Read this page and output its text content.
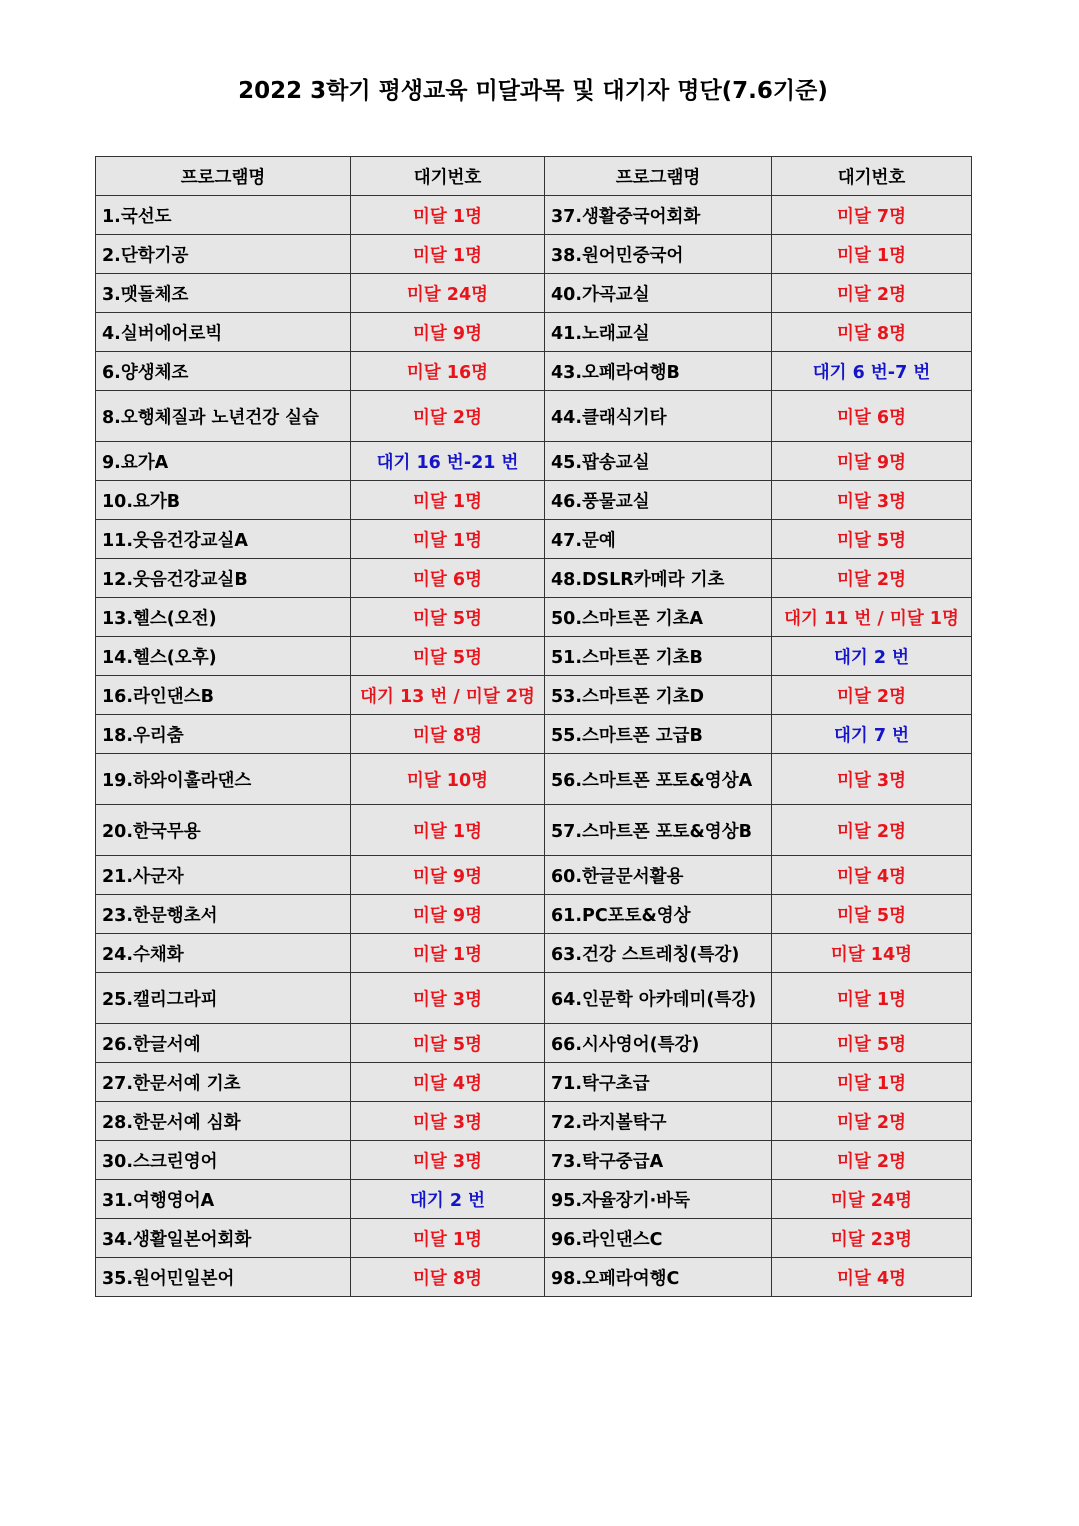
2022 3학기 평생교육 미달과목 및 대기자 명단(7.6기준)
프로그램명	대기번호	프로그램명	대기번호
1.국선도	미달 1명	37.생활중국어회화	미달 7명
2.단학기공	미달 1명	38.원어민중국어	미달 1명
3.맷돌체조	미달 24명	40.가곡교실	미달 2명
4.실버에어로빅	미달 9명	41.노래교실	미달 8명
6.양생체조	미달 16명	43.오페라여행B	대기 6 번-7 번
8.오행체질과 노년건강 실습	미달 2명	44.클래식기타	미달 6명
9.요가A	대기 16 번-21 번	45.팝송교실	미달 9명
10.요가B	미달 1명	46.풍물교실	미달 3명
11.웃음건강교실A	미달 1명	47.문예	미달 5명
12.웃음건강교실B	미달 6명	48.DSLR카메라 기초	미달 2명
13.헬스(오전)	미달 5명	50.스마트폰 기초A	대기 11 번 / 미달 1명
14.헬스(오후)	미달 5명	51.스마트폰 기초B	대기 2 번
16.라인댄스B	대기 13 번 / 미달 2명	53.스마트폰 기초D	미달 2명
18.우리춤	미달 8명	55.스마트폰 고급B	대기 7 번
19.하와이훌라댄스	미달 10명	56.스마트폰 포토&영상A	미달 3명
20.한국무용	미달 1명	57.스마트폰 포토&영상B	미달 2명
21.사군자	미달 9명	60.한글문서활용	미달 4명
23.한문행초서	미달 9명	61.PC포토&영상	미달 5명
24.수채화	미달 1명	63.건강 스트레칭(특강)	미달 14명
25.캘리그라피	미달 3명	64.인문학 아카데미(특강)	미달 1명
26.한글서예	미달 5명	66.시사영어(특강)	미달 5명
27.한문서예 기초	미달 4명	71.탁구초급	미달 1명
28.한문서예 심화	미달 3명	72.라지볼탁구	미달 2명
30.스크린영어	미달 3명	73.탁구중급A	미달 2명
31.여행영어A	대기 2 번	95.자율장기·바둑	미달 24명
34.생활일본어회화	미달 1명	96.라인댄스C	미달 23명
35.원어민일본어	미달 8명	98.오페라여행C	미달 4명
